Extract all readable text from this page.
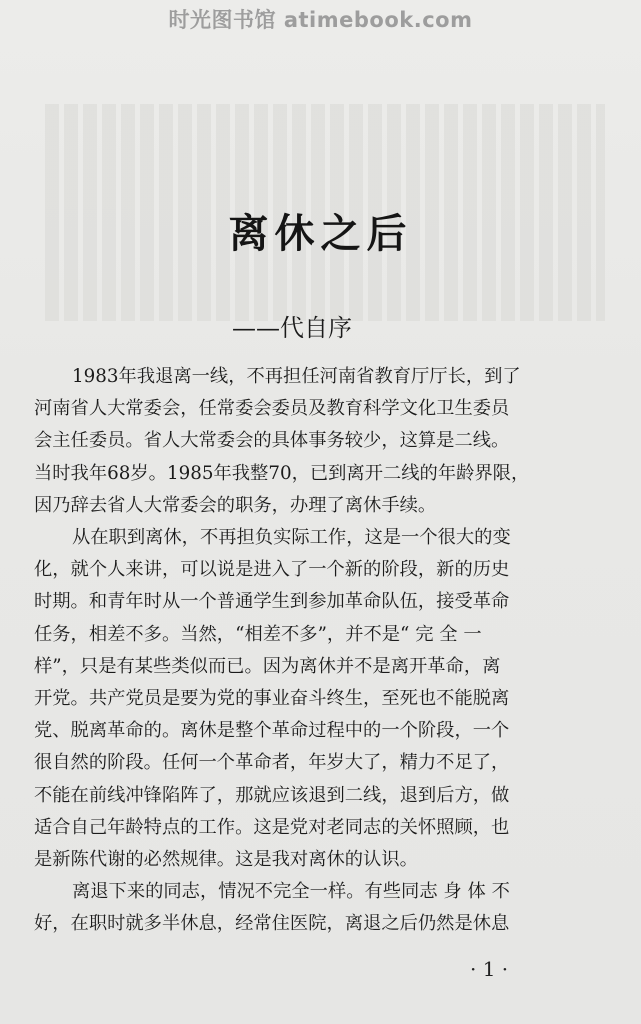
时光图书馆 atimebook.com
离休之后
——代自序

1983年我退离一线，不再担任河南省教育厅厅长，到了

河南省人大常委会，任常委会委员及教育科学文化卫生委员

会主任委员。省人大常委会的具体事务较少，这算是二线。

当时我年68岁。1985年我整70，已到离开二线的年龄界限，

因乃辞去省人大常委会的职务，办理了离休手续。

从在职到离休，不再担负实际工作，这是一个很大的变

化，就个人来讲，可以说是进入了一个新的阶段，新的历史

时期。和青年时从一个普通学生到参加革命队伍，接受革命

任务，相差不多。当然，“相差不多”，并不是“ 完 全 一

样”，只是有某些类似而已。因为离休并不是离开革命，离

开党。共产党员是要为党的事业奋斗终生，至死也不能脱离

党、脱离革命的。离休是整个革命过程中的一个阶段，一个

很自然的阶段。任何一个革命者，年岁大了，精力不足了，

不能在前线冲锋陷阵了，那就应该退到二线，退到后方，做

适合自己年龄特点的工作。这是党对老同志的关怀照顾，也

是新陈代谢的必然规律。这是我对离休的认识。

离退下来的同志，情况不完全一样。有些同志 身 体 不

好，在职时就多半休息，经常住医院，离退之后仍然是休息

· 1 ·
